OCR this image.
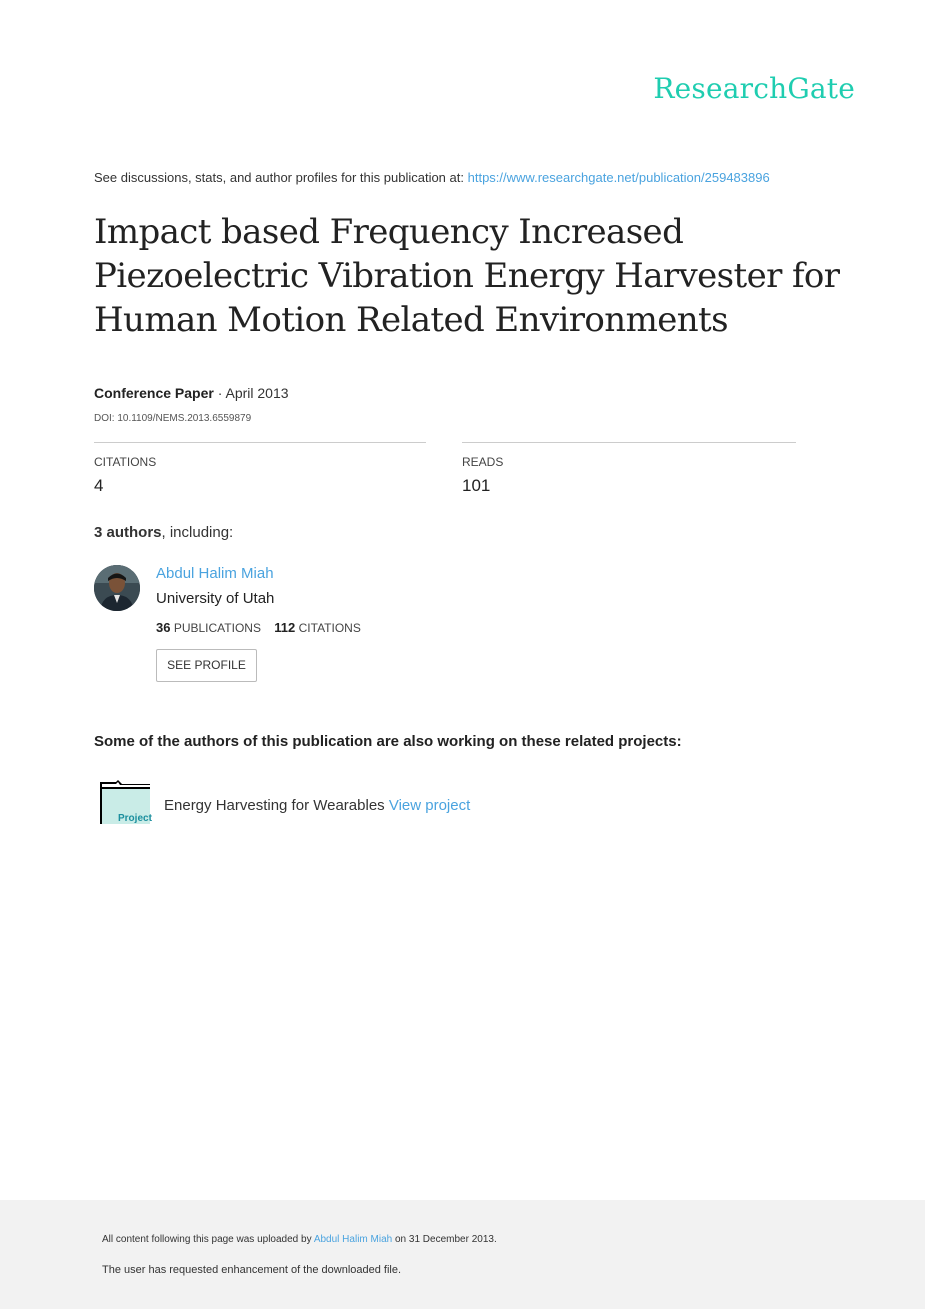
ResearchGate
See discussions, stats, and author profiles for this publication at: https://www.researchgate.net/publication/259483896
Impact based Frequency Increased Piezoelectric Vibration Energy Harvester for Human Motion Related Environments
Conference Paper · April 2013
DOI: 10.1109/NEMS.2013.6559879
CITATIONS
4
READS
101
3 authors, including:
Abdul Halim Miah
University of Utah
36 PUBLICATIONS 112 CITATIONS
SEE PROFILE
Some of the authors of this publication are also working on these related projects:
Project
Energy Harvesting for Wearables View project
All content following this page was uploaded by Abdul Halim Miah on 31 December 2013.
The user has requested enhancement of the downloaded file.
